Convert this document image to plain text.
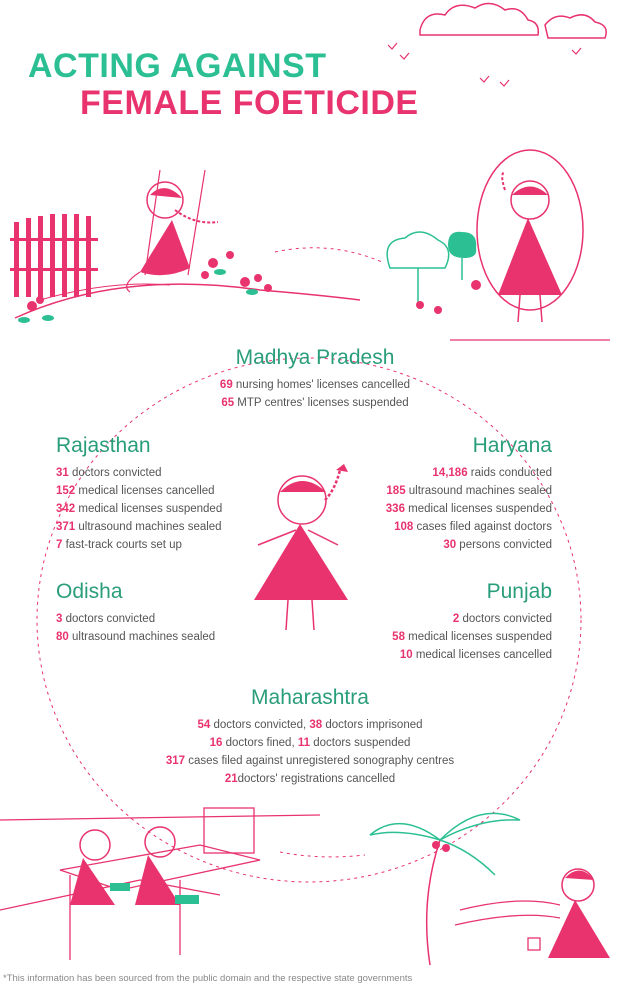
ACTING AGAINST
FEMALE FOETICIDE
Madhya Pradesh
69 nursing homes' licenses cancelled
65 MTP centres' licenses suspended
Rajasthan
31 doctors convicted
152 medical licenses cancelled
342 medical licenses suspended
371 ultrasound machines sealed
7 fast-track courts set up
Haryana
14,186 raids conducted
185 ultrasound machines sealed
336 medical licenses suspended
108 cases filed against doctors
30 persons convicted
Odisha
3 doctors convicted
80 ultrasound machines sealed
Punjab
2 doctors convicted
58 medical licenses suspended
10 medical licenses cancelled
Maharashtra
54 doctors convicted, 38 doctors imprisoned
16 doctors fined, 11 doctors suspended
317 cases filed against unregistered sonography centres
21doctors' registrations cancelled
*This information has been sourced from the public domain and the respective state governments
